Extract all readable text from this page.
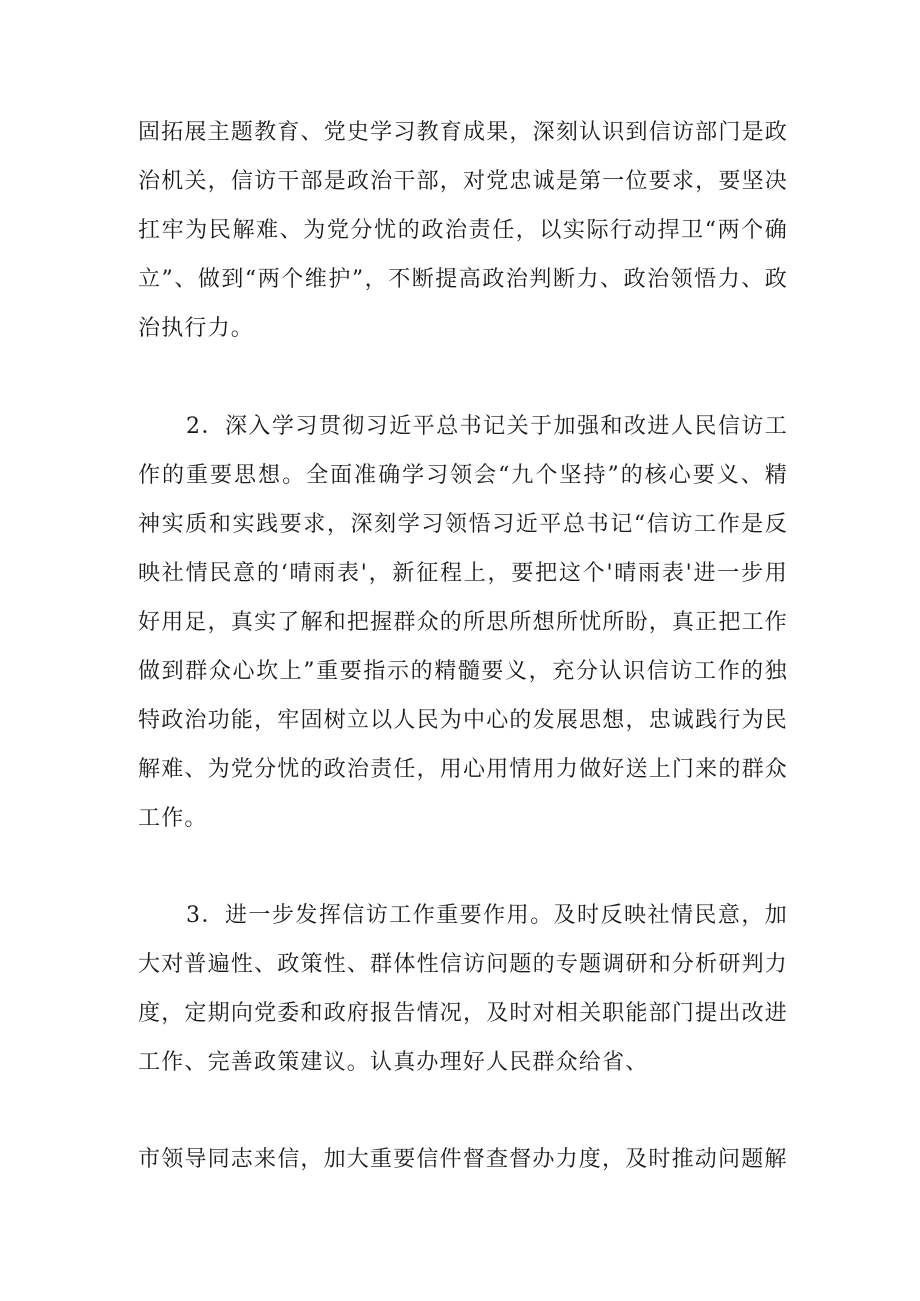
固拓展主题教育、党史学习教育成果，深刻认识到信访部门是政治机关，信访干部是政治干部，对党忠诚是第一位要求，要坚决扛牢为民解难、为党分忧的政治责任，以实际行动捍卫“两个确立”、做到“两个维护”，不断提高政治判断力、政治领悟力、政治执行力。

2．深入学习贯彻习近平总书记关于加强和改进人民信访工作的重要思想。全面准确学习领会“九个坚持”的核心要义、精神实质和实践要求，深刻学习领悟习近平总书记“信访工作是反映社情民意的‘晴雨表'，新征程上，要把这个'晴雨表'进一步用好用足，真实了解和把握群众的所思所想所忧所盼，真正把工作做到群众心坎上”重要指示的精髓要义，充分认识信访工作的独特政治功能，牢固树立以人民为中心的发展思想，忠诚践行为民解难、为党分忧的政治责任，用心用情用力做好送上门来的群众工作。

3．进一步发挥信访工作重要作用。及时反映社情民意，加大对普遍性、政策性、群体性信访问题的专题调研和分析研判力度，定期向党委和政府报告情况，及时对相关职能部门提出改进工作、完善政策建议。认真办理好人民群众给省、

市领导同志来信，加大重要信件督查督办力度，及时推动问题解
